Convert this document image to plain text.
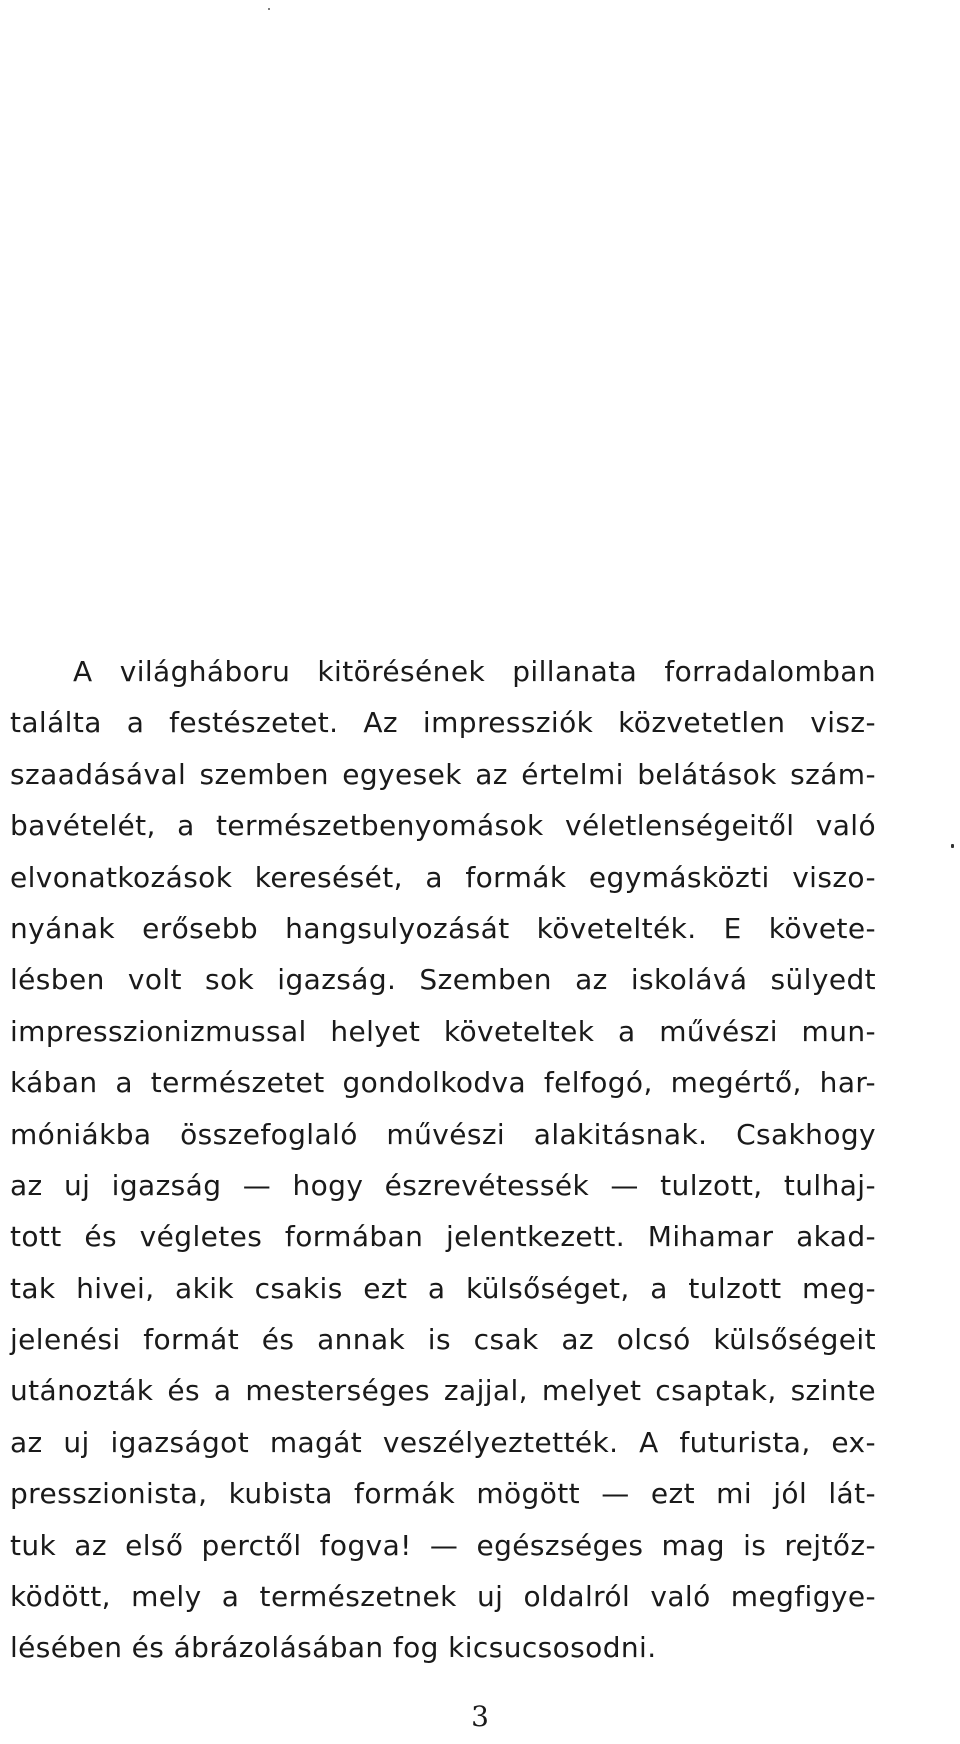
A világháboru kitörésének pillanata forradalomban
találta a festészetet. Az impressziók közvetetlen visz-
szaadásával szemben egyesek az értelmi belátások szám-
bavételét, a természetbenyomások véletlenségeitől való
elvonatkozások keresését, a formák egymásközti viszo-
nyának erősebb hangsulyozását követelték. E követe-
lésben volt sok igazság. Szemben az iskolává sülyedt
impresszionizmussal helyet követeltek a művészi mun-
kában a természetet gondolkodva felfogó, megértő, har-
móniákba összefoglaló művészi alakitásnak. Csakhogy
az uj igazság — hogy észrevétessék — tulzott, tulhaj-
tott és végletes formában jelentkezett. Mihamar akad-
tak hivei, akik csakis ezt a külsőséget, a tulzott meg-
jelenési formát és annak is csak az olcsó külsőségeit
utánozták és a mesterséges zajjal, melyet csaptak, szinte
az uj igazságot magát veszélyeztették. A futurista, ex-
presszionista, kubista formák mögött — ezt mi jól lát-
tuk az első perctől fogva! — egészséges mag is rejtőz-
ködött, mely a természetnek uj oldalról való megfigye-
lésében és ábrázolásában fog kicsucsosodni.
3
